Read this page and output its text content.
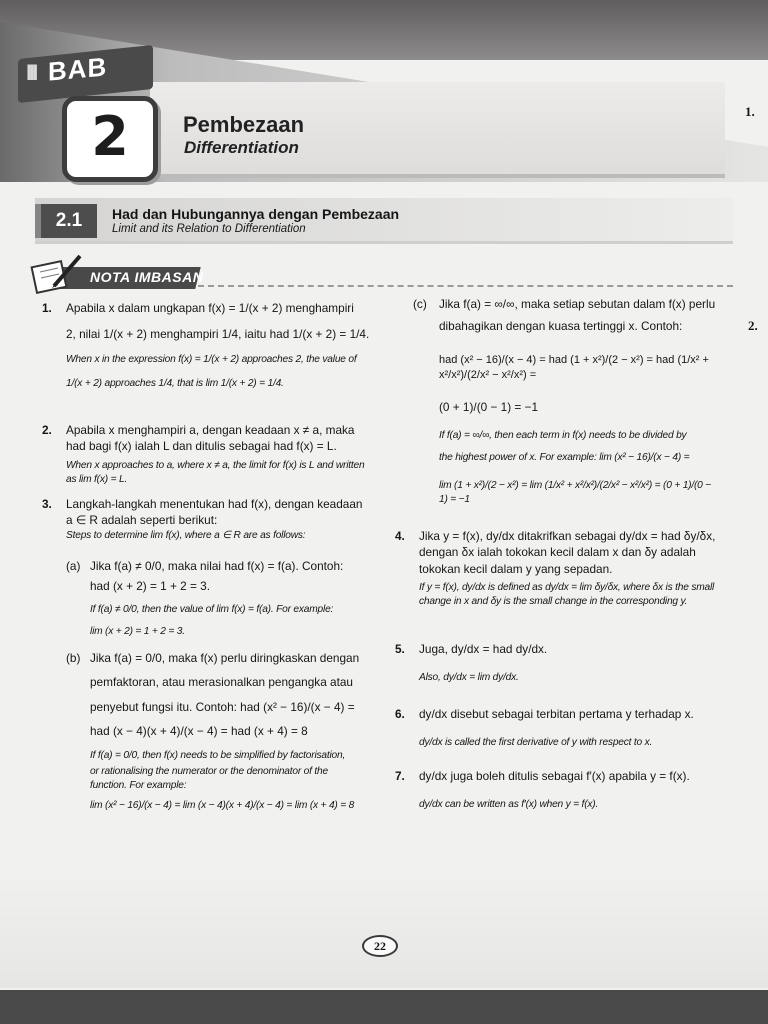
III BAB
2	Pembezaan
Differentiation
1.
2.
2.1	Had dan Hubungannya dengan Pembezaan
Limit and its Relation to Differentiation
NOTA IMBASAN
1. Apabila x dalam ungkapan f(x) = 1/(x + 2) menghampiri
2, nilai 1/(x + 2) menghampiri 1/4, iaitu had 1/(x + 2) = 1/4.
When x in the expression f(x) = 1/(x + 2) approaches 2, the value of
1/(x + 2) approaches 1/4, that is lim 1/(x + 2) = 1/4.
2. Apabila x menghampiri a, dengan keadaan x ≠ a, maka had bagi f(x) ialah L dan ditulis sebagai had f(x) = L.
When x approaches to a, where x ≠ a, the limit for f(x) is L and written as lim f(x) = L.
3. Langkah-langkah menentukan had f(x), dengan keadaan a ∈ R adalah seperti berikut:
Steps to determine lim f(x), where a ∈ R are as follows:
(a) Jika f(a) ≠ 0/0, maka nilai had f(x) = f(a). Contoh:
had (x + 2) = 1 + 2 = 3.
If f(a) ≠ 0/0, then the value of lim f(x) = f(a). For example:
lim (x + 2) = 1 + 2 = 3.
(b) Jika f(a) = 0/0, maka f(x) perlu diringkaskan dengan
pemfaktoran, atau merasionalkan pengangka atau
penyebut fungsi itu. Contoh: had (x² − 16)/(x − 4) =
had (x − 4)(x + 4)/(x − 4) = had (x + 4) = 8
If f(a) = 0/0, then f(x) needs to be simplified by factorisation,
or rationalising the numerator or the denominator of the
function. For example:
lim (x² − 16)/(x − 4) = lim (x − 4)(x + 4)/(x − 4) = lim (x + 4) = 8
(c) Jika f(a) = ∞/∞, maka setiap sebutan dalam f(x) perlu
dibahagikan dengan kuasa tertinggi x. Contoh:
had (x² − 16)/(x − 4) = had (1 + x²)/(2 − x²) = had (1/x² + x²/x²)/(2/x² − x²/x²) =
(0 + 1)/(0 − 1) = −1
If f(a) = ∞/∞, then each term in f(x) needs to be divided by
the highest power of x. For example: lim (x² − 16)/(x − 4) =
lim (1 + x²)/(2 − x²) = lim (1/x² + x²/x²)/(2/x² − x²/x²) = (0 + 1)/(0 − 1) = −1
4. Jika y = f(x), dy/dx ditakrifkan sebagai dy/dx = had δy/δx,
dengan δx ialah tokokan kecil dalam x dan δy adalah
tokokan kecil dalam y yang sepadan.
If y = f(x), dy/dx is defined as dy/dx = lim δy/δx, where δx is the small
change in x and δy is the small change in the corresponding y.
5. Juga, dy/dx = had dy/dx.
Also, dy/dx = lim dy/dx.
6. dy/dx disebut sebagai terbitan pertama y terhadap x.
dy/dx is called the first derivative of y with respect to x.
7. dy/dx juga boleh ditulis sebagai f′(x) apabila y = f(x).
dy/dx can be written as f′(x) when y = f(x).
22
